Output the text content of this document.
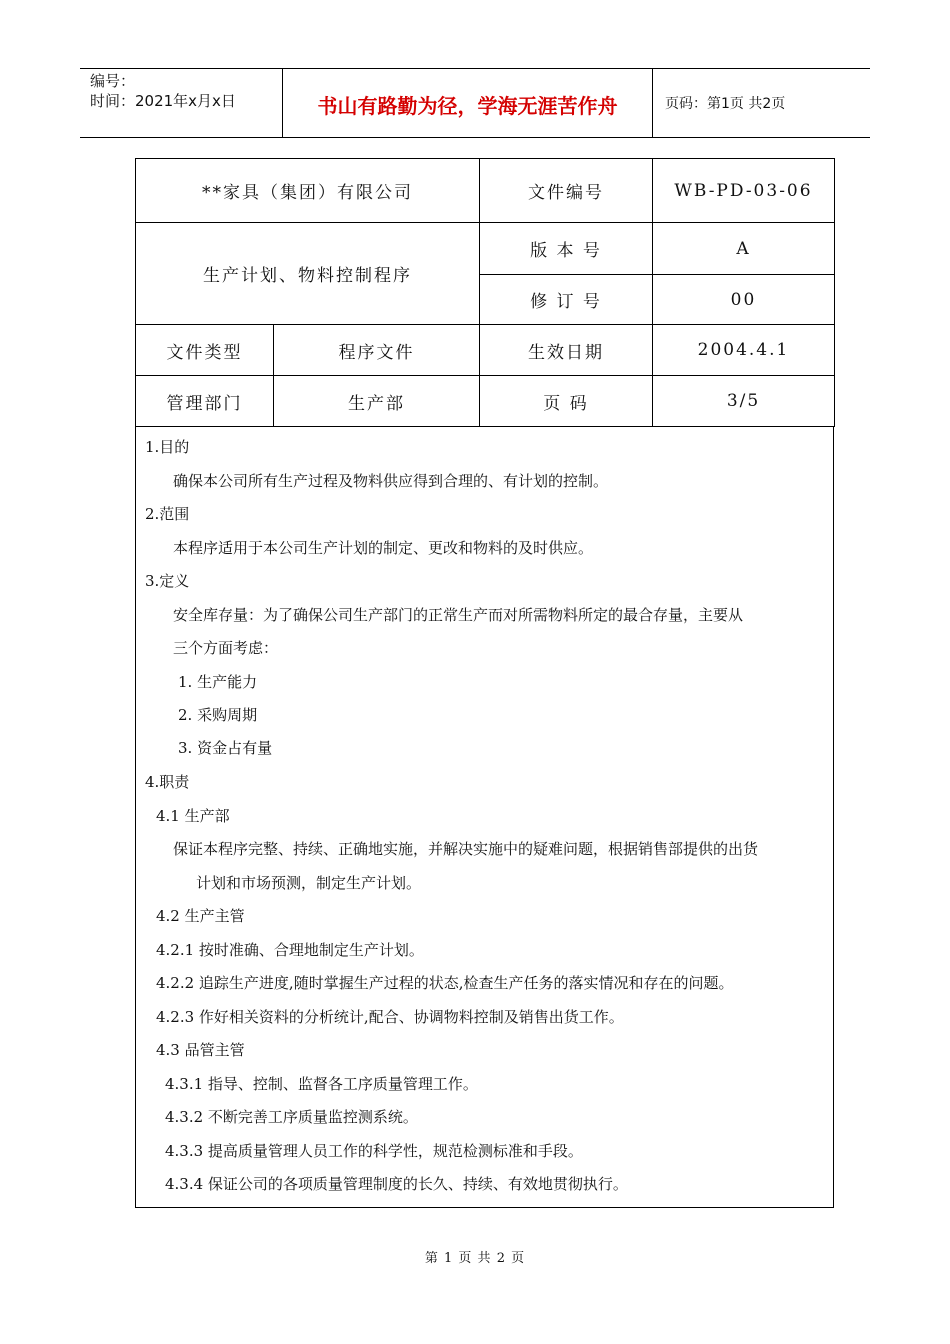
编号：
时间：2021年x月x日	书山有路勤为径，学海无涯苦作舟	页码：第1页 共2页
**家具（集团）有限公司		文件编号	WB-PD-03-06
生产计划、物料控制程序		版 本 号	A
		修 订 号	00
文件类型	程序文件	生效日期	2004.4.1
管理部门	生产部	页 码	3/5
1.目的
确保本公司所有生产过程及物料供应得到合理的、有计划的控制。
2.范围
本程序适用于本公司生产计划的制定、更改和物料的及时供应。
3.定义
安全库存量：为了确保公司生产部门的正常生产而对所需物料所定的最合存量，主要从
三个方面考虑：
1. 生产能力
2. 采购周期
3. 资金占有量
4.职责
4.1 生产部
保证本程序完整、持续、正确地实施，并解决实施中的疑难问题，根据销售部提供的出货
计划和市场预测，制定生产计划。
4.2 生产主管
4.2.1 按时准确、合理地制定生产计划。
4.2.2 追踪生产进度,随时掌握生产过程的状态,检查生产任务的落实情况和存在的问题。
4.2.3 作好相关资料的分析统计,配合、协调物料控制及销售出货工作。
4.3 品管主管
4.3.1 指导、控制、监督各工序质量管理工作。
4.3.2 不断完善工序质量监控测系统。
4.3.3 提高质量管理人员工作的科学性，规范检测标准和手段。
4.3.4 保证公司的各项质量管理制度的长久、持续、有效地贯彻执行。
第 1 页 共 2 页
